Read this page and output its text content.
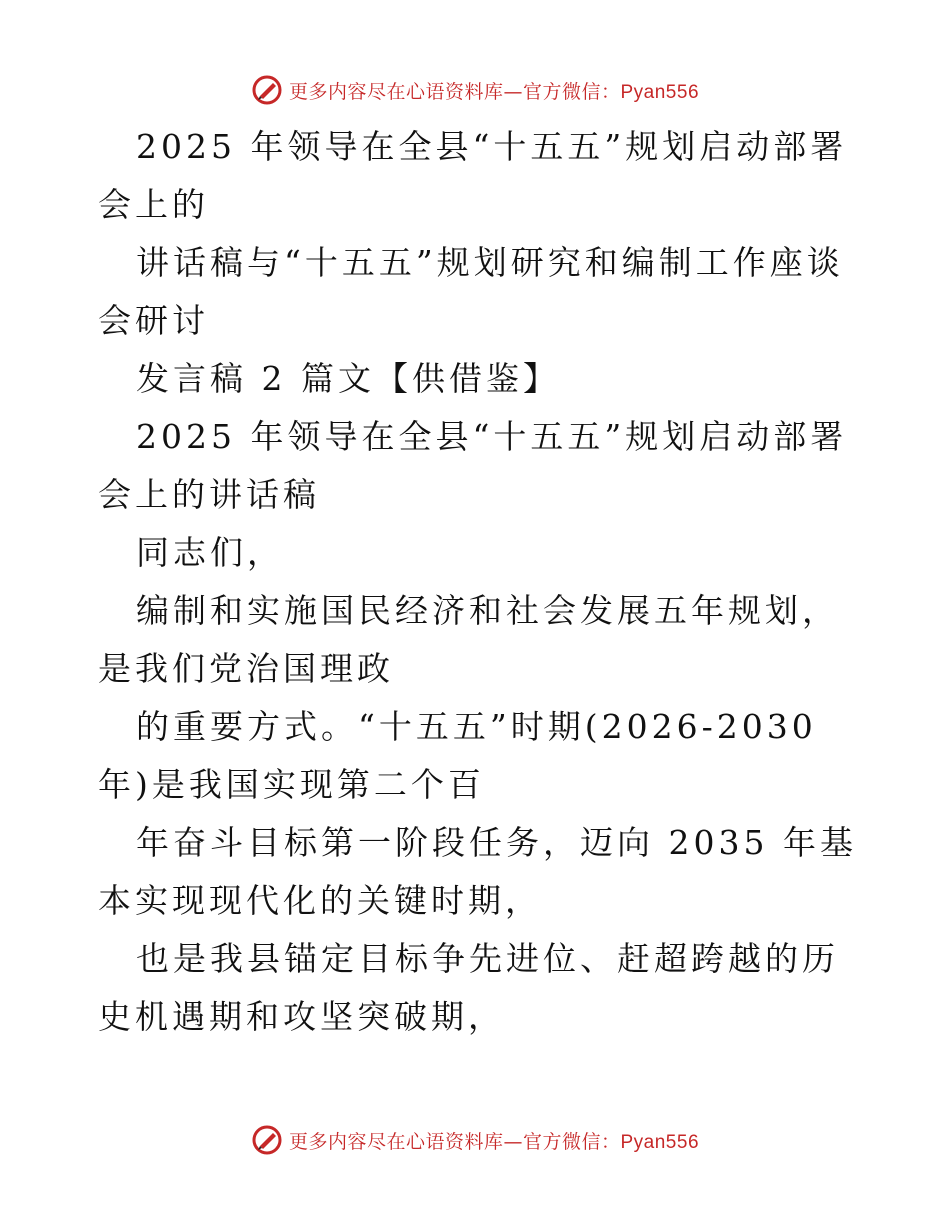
更多内容尽在心语资料库—官方微信：Pyan556

2025 年领导在全县“十五五”规划启动部署会上的

讲话稿与“十五五”规划研究和编制工作座谈会研讨

发言稿 2 篇文【供借鉴】

2025 年领导在全县“十五五”规划启动部署会上的讲话稿

同志们，

编制和实施国民经济和社会发展五年规划，是我们党治国理政

的重要方式。“十五五”时期(2026-2030 年)是我国实现第二个百

年奋斗目标第一阶段任务，迈向 2035 年基本实现现代化的关键时期，

也是我县锚定目标争先进位、赶超跨越的历史机遇期和攻坚突破期，

更多内容尽在心语资料库—官方微信：Pyan556
